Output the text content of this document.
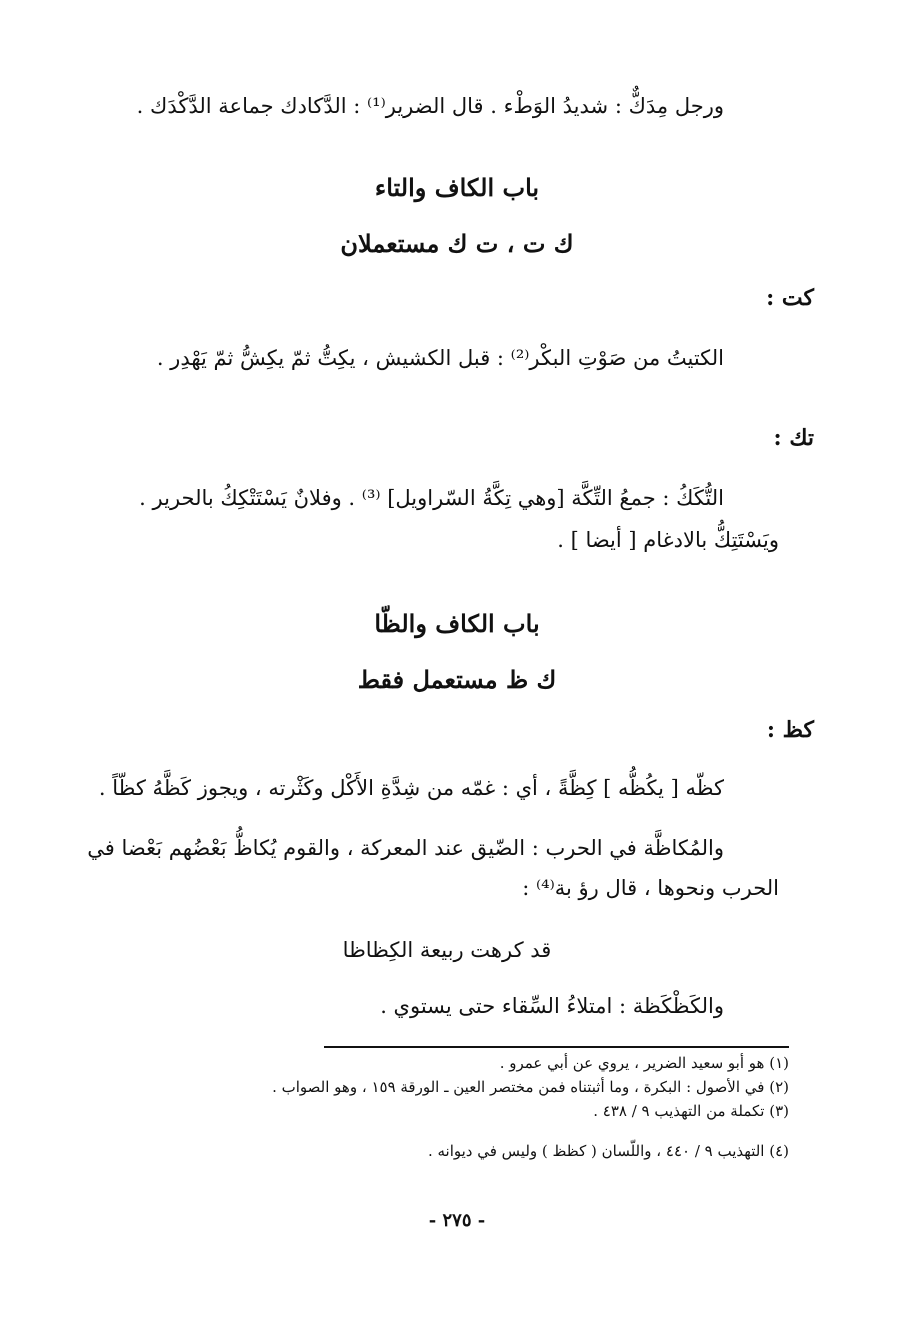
ورجل مِدَكٌّ : شديدُ الوَطْء . قال الضرير⁽¹⁾ : الدَّكادك جماعة الدَّكْدَك .
باب الكاف والتاء
ك ت ، ت ك مستعملان
كت :
الكتيتُ من صَوْتِ البكْر⁽²⁾ : قبل الكشيش ، يكِتُّ ثمّ يكِشُّ ثمّ يَهْدِر .
تك :
التُّكَكُ : جمعُ التِّكَّة [وهي تِكَّةُ السّراويل] ⁽³⁾ . وفلانٌ يَسْتَتْكِكُ بالحرير .
ويَسْتَتِكُّ بالادغام [ أيضا ] .
باب الكاف والظّا
ك ظ مستعمل فقط
كظ :
كظّه [ يكُظُّه ] كِظَّةً ، أي : غمّه من شِدَّةِ الأَكْل وكَثْرته ، ويجوز كَظَّهُ كظّاً .
والمُكاظَّة في الحرب : الضّيق عند المعركة ، والقوم يُكاظُّ بَعْضُهم بَعْضا في
الحرب ونحوها ، قال رؤ بة⁽⁴⁾ :
قد كرهت ربيعة الكِظاظا
والكَظْكَظة : امتلاءُ السِّقاء حتى يستوي .
(١) هو أبو سعيد الضرير ، يروي عن أبي عمرو .
(٢) في الأصول : البكرة ، وما أثبتناه فمن مختصر العين ـ الورقة ١٥٩ ، وهو الصواب .
(٣) تكملة من التهذيب ٩ / ٤٣٨ .
(٤) التهذيب ٩ / ٤٤٠ ، واللّسان ( كظظ ) وليس في ديوانه .
- ٢٧٥ -
